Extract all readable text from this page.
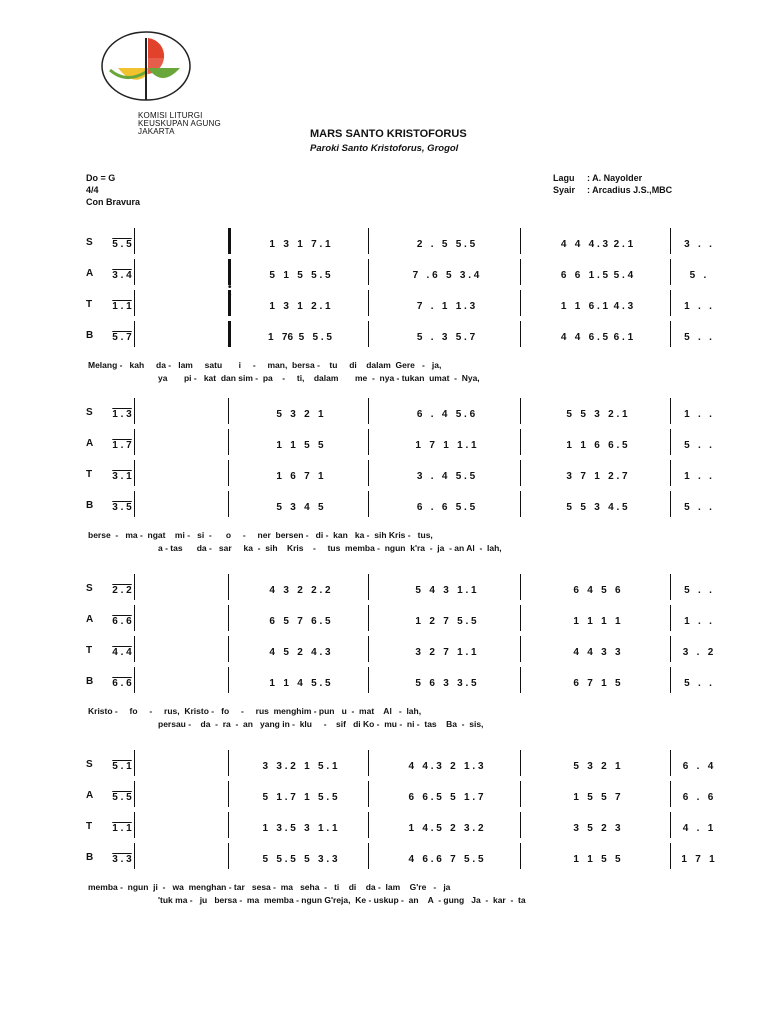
KOMISI LITURGI
KEUSKUPAN AGUNG
JAKARTA	MARS SANTO KRISTOFORUS
Paroki Santo Kristoforus, Grogol
Do = G
4/4
Con Bravura
Lagu	: A. Nayolder
Syair	: Arcadius J.S.,MBC
S 5 . 5	1   3   1   7 . 1	2   .   5   5 . 5	4   4   4 . 3  2 . 1	3   .   .
A 3 . 4	5   1   5   5 . 5	7   . 6   5   3 . 4	6   6   1 . 5  5 . 4	5   .
T 1 . 1	1   3   1   2 . 1	7   .   1   1 . 3	1   1   6 . 1  4 . 3	1   .   .
B 5 . 7	1   76  5   5 . 5	5   .   3   5 . 7	4   4   6 . 5  6 . 1	5   .   .
•
•
Melang -   kah     da -   lam     satu       i     -     man,  bersa -    tu     di    dalam  Gere   -   ja,
ya       pi -   kat  dan sim -  pa    -     ti,    dalam       me  -  nya - tukan  umat  -  Nya,
S 1 . 3	5   3   2   1	6   .   4   5 . 6	5   5   3   2 . 1	1   .   .
A 1 . 7	1   1   5   5	1   7   1   1 . 1	1   1   6   6 . 5	5   .   .
T 3 . 1	1   6   7   1	3   .   4   5 . 5	3   7   1   2 . 7	1   .   .
B 3 . 5	5   3   4   5	6   .   6   5 . 5	5   5   3   4 . 5	5   .   .
berse  -   ma -  ngat    mi -   si  -      o     -     ner  bersen -   di -  kan   ka -  sih Kris -   tus,
a - tas      da -   sar     ka  -  sih    Kris    -     tus  memba -  ngun  k'ra  -  ja  - an Al  -  lah,
S 2 . 2	4   3   2   2 . 2	5   4   3   1 . 1	6   4   5   6	5   .   .
A 6 . 6	6   5   7   6 . 5	1   2   7   5 . 5	1   1   1   1	1   .   .
T 4 . 4	4   5   2   4 . 3	3   2   7   1 . 1	4   4   3   3	3   .   2
B 6 . 6	1   1   4   5 . 5	5   6   3   3 . 5	6   7   1   5	5   .   .
Kristo -     fo     -     rus,  Kristo -   fo     -     rus  menghim - pun   u  -  mat    Al   -  lah,
persau -    da  -  ra  -  an   yang in -  klu     -    sif   di Ko -  mu -  ni -  tas    Ba  -  sis,
S 5 . 1	3   3 . 2   1   5 . 1	4   4 . 3   2   1 . 3	5   3   2   1	6   .   4
A 5 . 5	5   1 . 7   1   5 . 5	6   6 . 5   5   1 . 7	1   5   5   7	6   .   6
T 1 . 1	1   3 . 5   3   1 . 1	1   4 . 5   2   3 . 2	3   5   2   3	4   .   1
B 3 . 3	5   5 . 5   5   3 . 3	4   6 . 6   7   5 . 5	1   1   5   5	1   7   1
memba -  ngun  ji  -   wa  menghan - tar   sesa -  ma   seha  -   ti    di    da -  lam    G're   -   ja
'tuk ma -   ju   bersa -  ma  memba - ngun G'reja,  Ke - uskup -  an    A  - gung   Ja  -  kar  -  ta
